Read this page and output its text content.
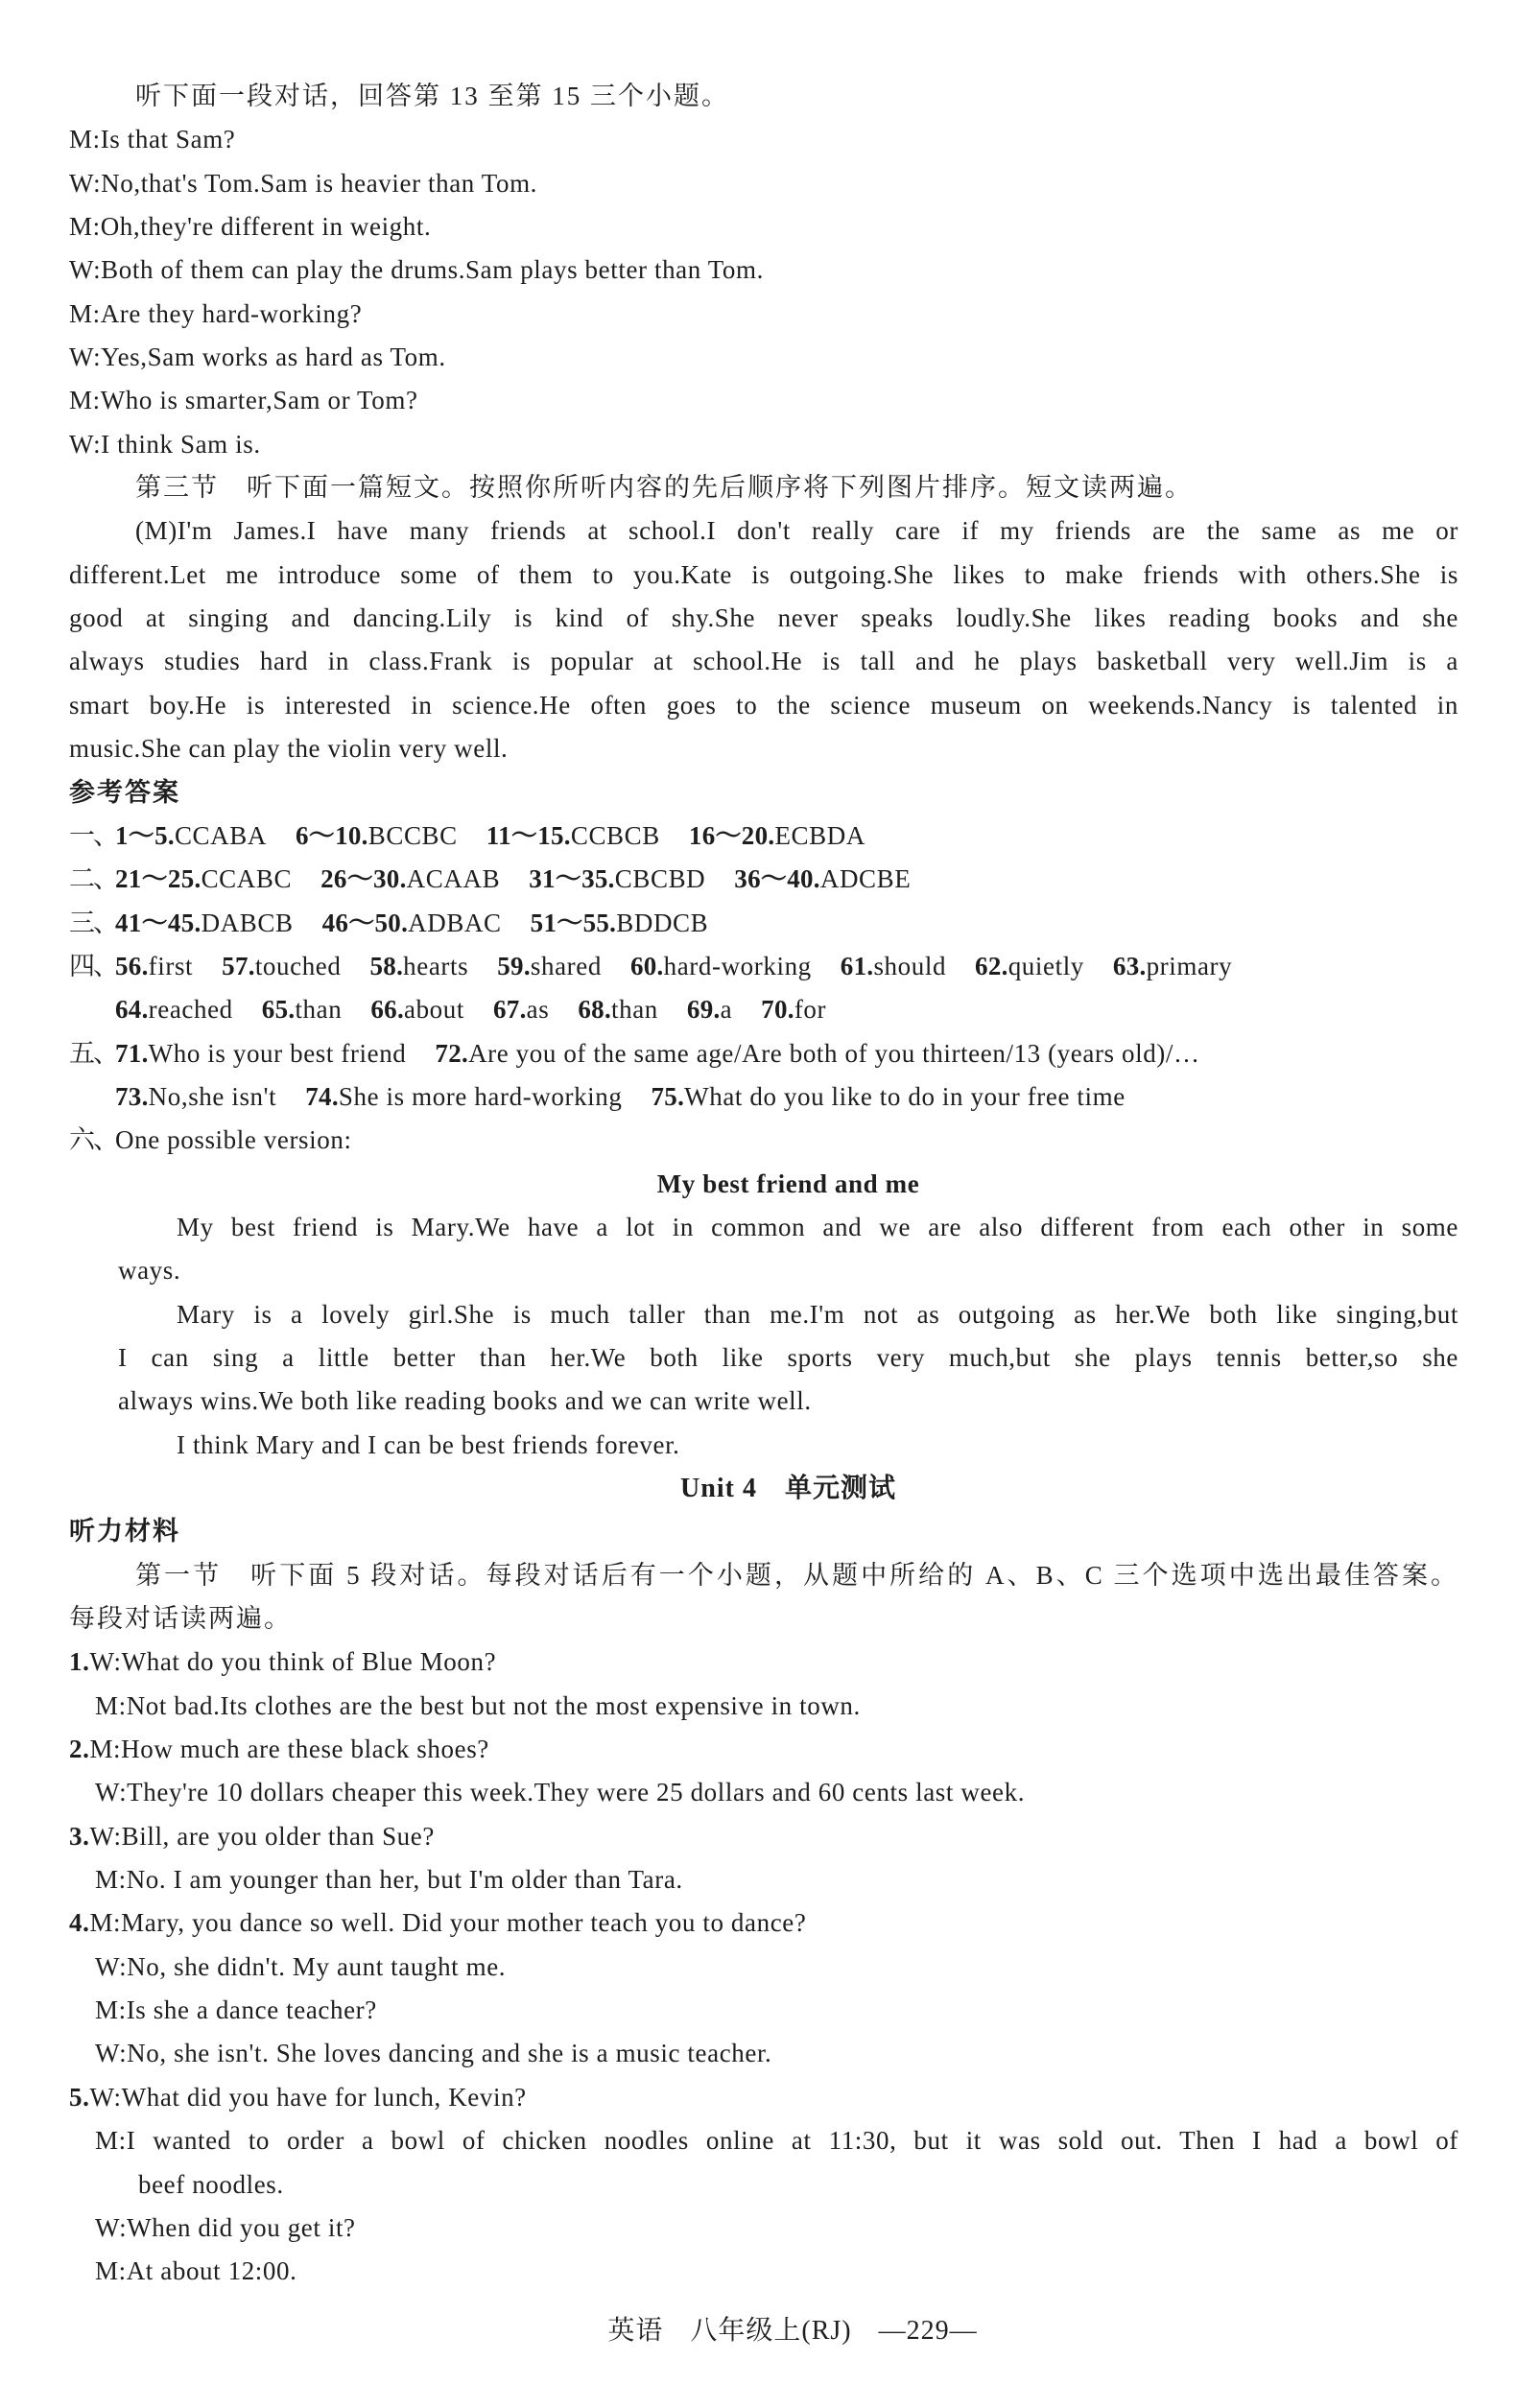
听下面一段对话，回答第 13 至第 15 三个小题。
M:Is that Sam?
W:No,that's Tom.Sam is heavier than Tom.
M:Oh,they're different in weight.
W:Both of them can play the drums.Sam plays better than Tom.
M:Are they hard-working?
W:Yes,Sam works as hard as Tom.
M:Who is smarter,Sam or Tom?
W:I think Sam is.
第三节　听下面一篇短文。按照你所听内容的先后顺序将下列图片排序。短文读两遍。
(M)I'm James.I have many friends at school.I don't really care if my friends are the same as me or
different.Let me introduce some of them to you.Kate is outgoing.She likes to make friends with others.She is
good at singing and dancing.Lily is kind of shy.She never speaks loudly.She likes reading books and she
always studies hard in class.Frank is popular at school.He is tall and he plays basketball very well.Jim is a
smart boy.He is interested in science.He often goes to the science museum on weekends.Nancy is talented in
music.She can play the violin very well.
参考答案
一、
1～5.CCABA 6～10.BCCBC 11～15.CCBCB 16～20.ECBDA
二、
21～25.CCABC 26～30.ACAAB 31～35.CBCBD 36～40.ADCBE
三、
41～45.DABCB 46～50.ADBAC 51～55.BDDCB
四、
56.first 57.touched 58.hearts 59.shared 60.hard-working 61.should 62.quietly 63.primary
64.reached 65.than 66.about 67.as 68.than 69.a 70.for
五、
71.Who is your best friend 72.Are you of the same age/Are both of you thirteen/13 (years old)/…
73.No,she isn't 74.She is more hard-working 75.What do you like to do in your free time
六、
One possible version:
My best friend and me
My best friend is Mary.We have a lot in common and we are also different from each other in some
ways.
Mary is a lovely girl.She is much taller than me.I'm not as outgoing as her.We both like singing,but
I can sing a little better than her.We both like sports very much,but she plays tennis better,so she
always wins.We both like reading books and we can write well.
I think Mary and I can be best friends forever.
Unit 4　单元测试
听力材料
第一节　听下面 5 段对话。每段对话后有一个小题，从题中所给的 A、B、C 三个选项中选出最佳答案。
每段对话读两遍。
1.W:What do you think of Blue Moon?
M:Not bad.Its clothes are the best but not the most expensive in town.
2.M:How much are these black shoes?
W:They're 10 dollars cheaper this week.They were 25 dollars and 60 cents last week.
3.W:Bill, are you older than Sue?
M:No. I am younger than her, but I'm older than Tara.
4.M:Mary, you dance so well. Did your mother teach you to dance?
W:No, she didn't. My aunt taught me.
M:Is she a dance teacher?
W:No, she isn't. She loves dancing and she is a music teacher.
5.W:What did you have for lunch, Kevin?
M:I wanted to order a bowl of chicken noodles online at 11:30, but it was sold out. Then I had a bowl of
beef noodles.
W:When did you get it?
M:At about 12:00.
英语 八年级上(RJ) —229—
